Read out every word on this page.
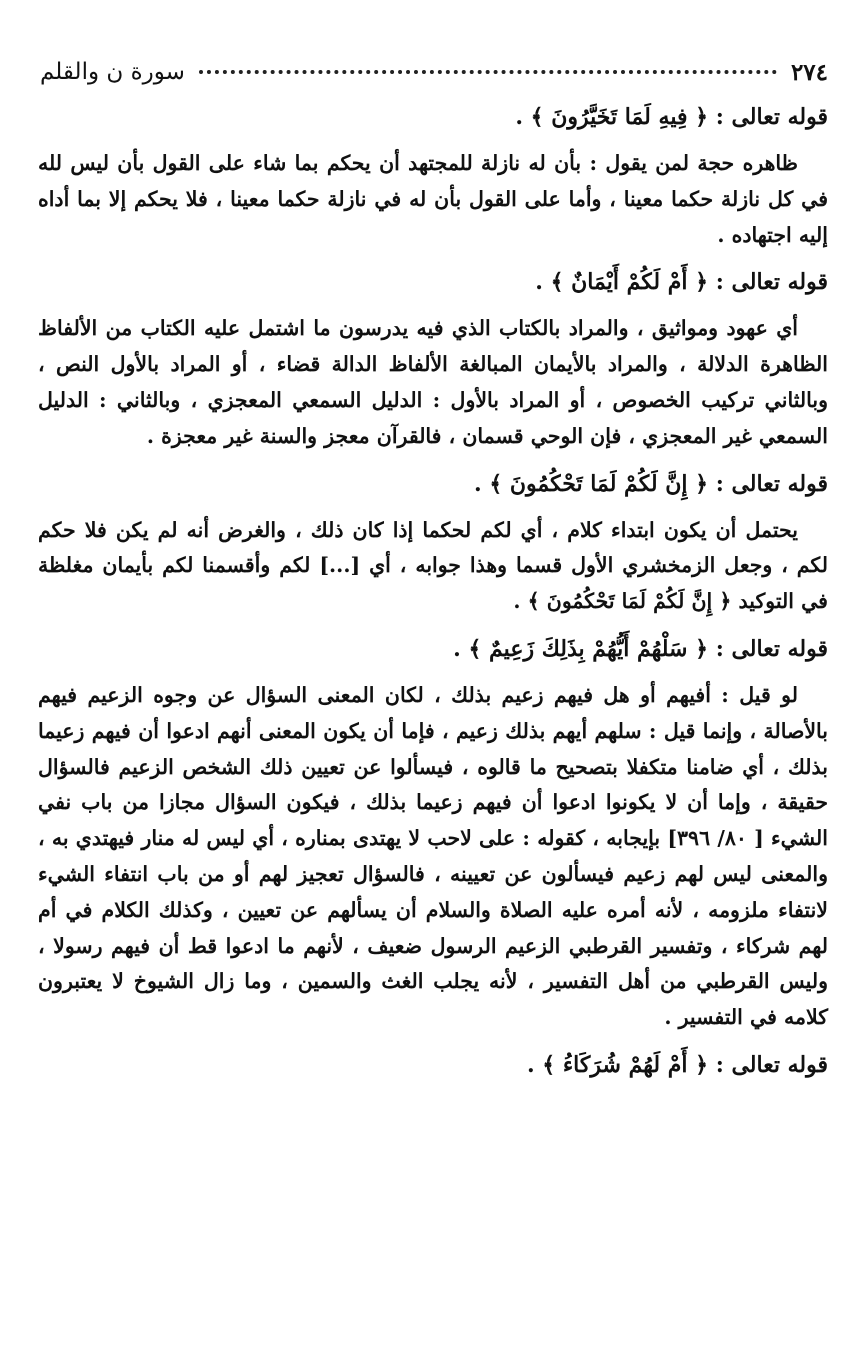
٢٧٤
سورة ن والقلم

قوله تعالى : ﴿ فِيهِ لَمَا تَخَيَّرُونَ ﴾ .

ظاهره حجة لمن يقول : بأن له نازلة للمجتهد أن يحكم بما شاء على القول بأن ليس لله في كل نازلة حكما معينا ، وأما على القول بأن له في نازلة حكما معينا ، فلا يحكم إلا بما أداه إليه اجتهاده .

قوله تعالى : ﴿ أَمْ لَكُمْ أَيْمَانٌ ﴾ .

أي عهود ومواثيق ، والمراد بالكتاب الذي فيه يدرسون ما اشتمل عليه الكتاب من الألفاظ الظاهرة الدلالة ، والمراد بالأيمان المبالغة الألفاظ الدالة قضاء ، أو المراد بالأول النص ، وبالثاني تركيب الخصوص ، أو المراد بالأول : الدليل السمعي المعجزي ، وبالثاني : الدليل السمعي غير المعجزي ، فإن الوحي قسمان ، فالقرآن معجز والسنة غير معجزة .

قوله تعالى : ﴿ إِنَّ لَكُمْ لَمَا تَحْكُمُونَ ﴾ .

يحتمل أن يكون ابتداء كلام ، أي لكم لحكما إذا كان ذلك ، والغرض أنه لم يكن فلا حكم لكم ، وجعل الزمخشري الأول قسما وهذا جوابه ، أي [...] لكم وأقسمنا لكم بأيمان مغلظة في التوكيد ﴿ إِنَّ لَكُمْ لَمَا تَحْكُمُونَ ﴾ .

قوله تعالى : ﴿ سَلْهُمْ أَيُّهُمْ بِذَلِكَ زَعِيمٌ ﴾ .

لو قيل : أفيهم أو هل فيهم زعيم بذلك ، لكان المعنى السؤال عن وجوه الزعيم فيهم بالأصالة ، وإنما قيل : سلهم أيهم بذلك زعيم ، فإما أن يكون المعنى أنهم ادعوا أن فيهم زعيما بذلك ، أي ضامنا متكفلا بتصحيح ما قالوه ، فيسألوا عن تعيين ذلك الشخص الزعيم فالسؤال حقيقة ، وإما أن لا يكونوا ادعوا أن فيهم زعيما بذلك ، فيكون السؤال مجازا من باب نفي الشيء [ ٨٠/ ٣٩٦] بإيجابه ، كقوله : على لاحب لا يهتدى بمناره ، أي ليس له منار فيهتدي به ، والمعنى ليس لهم زعيم فيسألون عن تعيينه ، فالسؤال تعجيز لهم أو من باب انتفاء الشيء لانتفاء ملزومه ، لأنه أمره عليه الصلاة والسلام أن يسألهم عن تعيين ، وكذلك الكلام في أم لهم شركاء ، وتفسير القرطبي الزعيم الرسول ضعيف ، لأنهم ما ادعوا قط أن فيهم رسولا ، وليس القرطبي من أهل التفسير ، لأنه يجلب الغث والسمين ، وما زال الشيوخ لا يعتبرون كلامه في التفسير .

قوله تعالى : ﴿ أَمْ لَهُمْ شُرَكَاءُ ﴾ .
